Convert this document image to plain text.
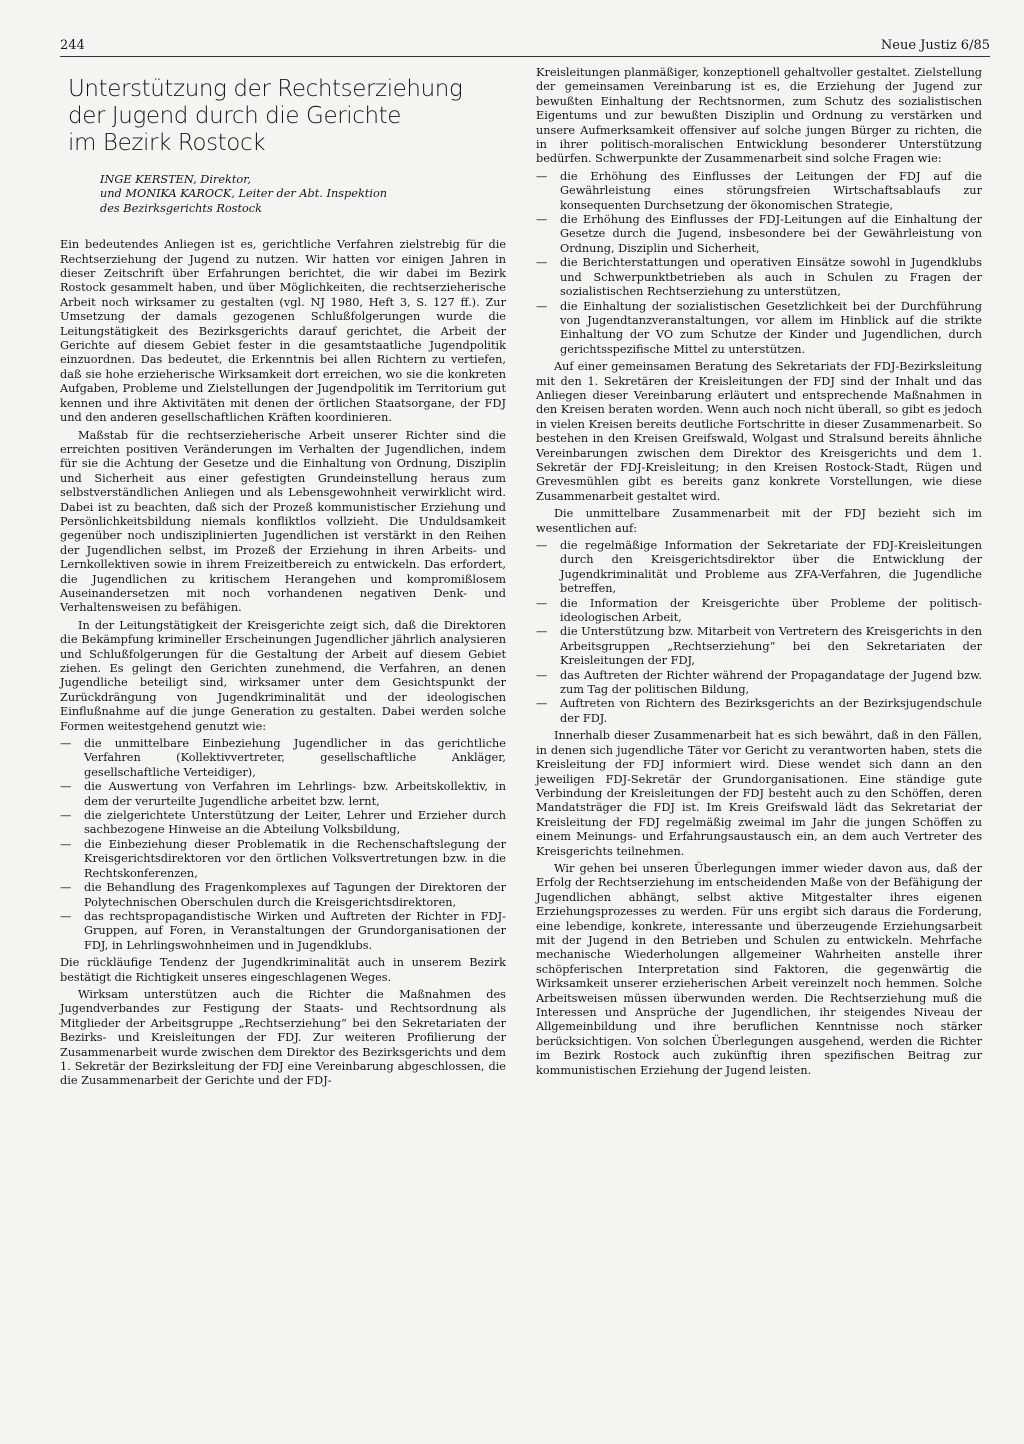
244	Neue Justiz 6/85
Unterstützung der Rechtserziehung
der Jugend durch die Gerichte
im Bezirk Rostock
INGE KERSTEN, Direktor,
und MONIKA KAROCK, Leiter der Abt. Inspektion
des Bezirksgerichts Rostock

Ein bedeutendes Anliegen ist es, gerichtliche Verfahren zielstrebig für die Rechtserziehung der Jugend zu nutzen. Wir hatten vor einigen Jahren in dieser Zeitschrift über Erfahrungen berichtet, die wir dabei im Bezirk Rostock gesammelt haben, und über Möglichkeiten, die rechtserzieherische Arbeit noch wirksamer zu gestalten (vgl. NJ 1980, Heft 3, S. 127 ff.). Zur Umsetzung der damals gezogenen Schlußfolgerungen wurde die Leitungstätigkeit des Bezirksgerichts darauf gerichtet, die Arbeit der Gerichte auf diesem Gebiet fester in die gesamtstaatliche Jugendpolitik einzuordnen. Das bedeutet, die Erkenntnis bei allen Richtern zu vertiefen, daß sie hohe erzieherische Wirksamkeit dort erreichen, wo sie die konkreten Aufgaben, Probleme und Zielstellungen der Jugendpolitik im Territorium gut kennen und ihre Aktivitäten mit denen der örtlichen Staatsorgane, der FDJ und den anderen gesellschaftlichen Kräften koordinieren.

Maßstab für die rechtserzieherische Arbeit unserer Richter sind die erreichten positiven Veränderungen im Verhalten der Jugendlichen, indem für sie die Achtung der Gesetze und die Einhaltung von Ordnung, Disziplin und Sicherheit aus einer gefestigten Grundeinstellung heraus zum selbstverständlichen Anliegen und als Lebensgewohnheit verwirklicht wird. Dabei ist zu beachten, daß sich der Prozeß kommunistischer Erziehung und Persönlichkeitsbildung niemals konfliktlos vollzieht. Die Unduldsamkeit gegenüber noch undisziplinierten Jugendlichen ist verstärkt in den Reihen der Jugendlichen selbst, im Prozeß der Erziehung in ihren Arbeits- und Lernkollektiven sowie in ihrem Freizeitbereich zu entwickeln. Das erfordert, die Jugendlichen zu kritischem Herangehen und kompromißlosem Auseinandersetzen mit noch vorhandenen negativen Denk- und Verhaltensweisen zu befähigen.

In der Leitungstätigkeit der Kreisgerichte zeigt sich, daß die Direktoren die Bekämpfung krimineller Erscheinungen Jugendlicher jährlich analysieren und Schlußfolgerungen für die Gestaltung der Arbeit auf diesem Gebiet ziehen. Es gelingt den Gerichten zunehmend, die Verfahren, an denen Jugendliche beteiligt sind, wirksamer unter dem Gesichtspunkt der Zurückdrängung von Jugendkriminalität und der ideologischen Einflußnahme auf die junge Generation zu gestalten. Dabei werden solche Formen weitestgehend genutzt wie:

— die unmittelbare Einbeziehung Jugendlicher in das gerichtliche Verfahren (Kollektivvertreter, gesellschaftliche Ankläger, gesellschaftliche Verteidiger),
— die Auswertung von Verfahren im Lehrlings- bzw. Arbeitskollektiv, in dem der verurteilte Jugendliche arbeitet bzw. lernt,
— die zielgerichtete Unterstützung der Leiter, Lehrer und Erzieher durch sachbezogene Hinweise an die Abteilung Volksbildung,
— die Einbeziehung dieser Problematik in die Rechenschaftslegung der Kreisgerichtsdirektoren vor den örtlichen Volksvertretungen bzw. in die Rechtskonferenzen,
— die Behandlung des Fragenkomplexes auf Tagungen der Direktoren der Polytechnischen Oberschulen durch die Kreisgerichtsdirektoren,
— das rechtspropagandistische Wirken und Auftreten der Richter in FDJ-Gruppen, auf Foren, in Veranstaltungen der Grundorganisationen der FDJ, in Lehrlingswohnheimen und in Jugendklubs.

Die rückläufige Tendenz der Jugendkriminalität auch in unserem Bezirk bestätigt die Richtigkeit unseres eingeschlagenen Weges.

Wirksam unterstützen auch die Richter die Maßnahmen des Jugendverbandes zur Festigung der Staats- und Rechtsordnung als Mitglieder der Arbeitsgruppe „Rechtserziehung“ bei den Sekretariaten der Bezirks- und Kreisleitungen der FDJ. Zur weiteren Profilierung der Zusammenarbeit wurde zwischen dem Direktor des Bezirksgerichts und dem 1. Sekretär der Bezirksleitung der FDJ eine Vereinbarung abgeschlossen, die die Zusammenarbeit der Gerichte und der FDJ-

Kreisleitungen planmäßiger, konzeptionell gehaltvoller gestaltet. Zielstellung der gemeinsamen Vereinbarung ist es, die Erziehung der Jugend zur bewußten Einhaltung der Rechtsnormen, zum Schutz des sozialistischen Eigentums und zur bewußten Disziplin und Ordnung zu verstärken und unsere Aufmerksamkeit offensiver auf solche jungen Bürger zu richten, die in ihrer politisch-moralischen Entwicklung besonderer Unterstützung bedürfen. Schwerpunkte der Zusammenarbeit sind solche Fragen wie:

— die Erhöhung des Einflusses der Leitungen der FDJ auf die Gewährleistung eines störungsfreien Wirtschaftsablaufs zur konsequenten Durchsetzung der ökonomischen Strategie,
— die Erhöhung des Einflusses der FDJ-Leitungen auf die Einhaltung der Gesetze durch die Jugend, insbesondere bei der Gewährleistung von Ordnung, Disziplin und Sicherheit,
— die Berichterstattungen und operativen Einsätze sowohl in Jugendklubs und Schwerpunktbetrieben als auch in Schulen zu Fragen der sozialistischen Rechtserziehung zu unterstützen,
— die Einhaltung der sozialistischen Gesetzlichkeit bei der Durchführung von Jugendtanzveranstaltungen, vor allem im Hinblick auf die strikte Einhaltung der VO zum Schutze der Kinder und Jugendlichen, durch gerichtsspezifische Mittel zu unterstützen.

Auf einer gemeinsamen Beratung des Sekretariats der FDJ-Bezirksleitung mit den 1. Sekretären der Kreisleitungen der FDJ sind der Inhalt und das Anliegen dieser Vereinbarung erläutert und entsprechende Maßnahmen in den Kreisen beraten worden. Wenn auch noch nicht überall, so gibt es jedoch in vielen Kreisen bereits deutliche Fortschritte in dieser Zusammenarbeit. So bestehen in den Kreisen Greifswald, Wolgast und Stralsund bereits ähnliche Vereinbarungen zwischen dem Direktor des Kreisgerichts und dem 1. Sekretär der FDJ-Kreisleitung; in den Kreisen Rostock-Stadt, Rügen und Grevesmühlen gibt es bereits ganz konkrete Vorstellungen, wie diese Zusammenarbeit gestaltet wird.

Die unmittelbare Zusammenarbeit mit der FDJ bezieht sich im wesentlichen auf:

— die regelmäßige Information der Sekretariate der FDJ-Kreisleitungen durch den Kreisgerichtsdirektor über die Entwicklung der Jugendkriminalität und Probleme aus ZFA-Verfahren, die Jugendliche betreffen,
— die Information der Kreisgerichte über Probleme der politisch-ideologischen Arbeit,
— die Unterstützung bzw. Mitarbeit von Vertretern des Kreisgerichts in den Arbeitsgruppen „Rechtserziehung“ bei den Sekretariaten der Kreisleitungen der FDJ,
— das Auftreten der Richter während der Propagandatage der Jugend bzw. zum Tag der politischen Bildung,
— Auftreten von Richtern des Bezirksgerichts an der Bezirksjugendschule der FDJ.

Innerhalb dieser Zusammenarbeit hat es sich bewährt, daß in den Fällen, in denen sich jugendliche Täter vor Gericht zu verantworten haben, stets die Kreisleitung der FDJ informiert wird. Diese wendet sich dann an den jeweiligen FDJ-Sekretär der Grundorganisationen. Eine ständige gute Verbindung der Kreisleitungen der FDJ besteht auch zu den Schöffen, deren Mandatsträger die FDJ ist. Im Kreis Greifswald lädt das Sekretariat der Kreisleitung der FDJ regelmäßig zweimal im Jahr die jungen Schöffen zu einem Meinungs- und Erfahrungsaustausch ein, an dem auch Vertreter des Kreisgerichts teilnehmen.

Wir gehen bei unseren Überlegungen immer wieder davon aus, daß der Erfolg der Rechtserziehung im entscheidenden Maße von der Befähigung der Jugendlichen abhängt, selbst aktive Mitgestalter ihres eigenen Erziehungsprozesses zu werden. Für uns ergibt sich daraus die Forderung, eine lebendige, konkrete, interessante und überzeugende Erziehungsarbeit mit der Jugend in den Betrieben und Schulen zu entwickeln. Mehrfache mechanische Wiederholungen allgemeiner Wahrheiten anstelle ihrer schöpferischen Interpretation sind Faktoren, die gegenwärtig die Wirksamkeit unserer erzieherischen Arbeit vereinzelt noch hemmen. Solche Arbeitsweisen müssen überwunden werden. Die Rechtserziehung muß die Interessen und Ansprüche der Jugendlichen, ihr steigendes Niveau der Allgemeinbildung und ihre beruflichen Kenntnisse noch stärker berücksichtigen. Von solchen Überlegungen ausgehend, werden die Richter im Bezirk Rostock auch zukünftig ihren spezifischen Beitrag zur kommunistischen Erziehung der Jugend leisten.
